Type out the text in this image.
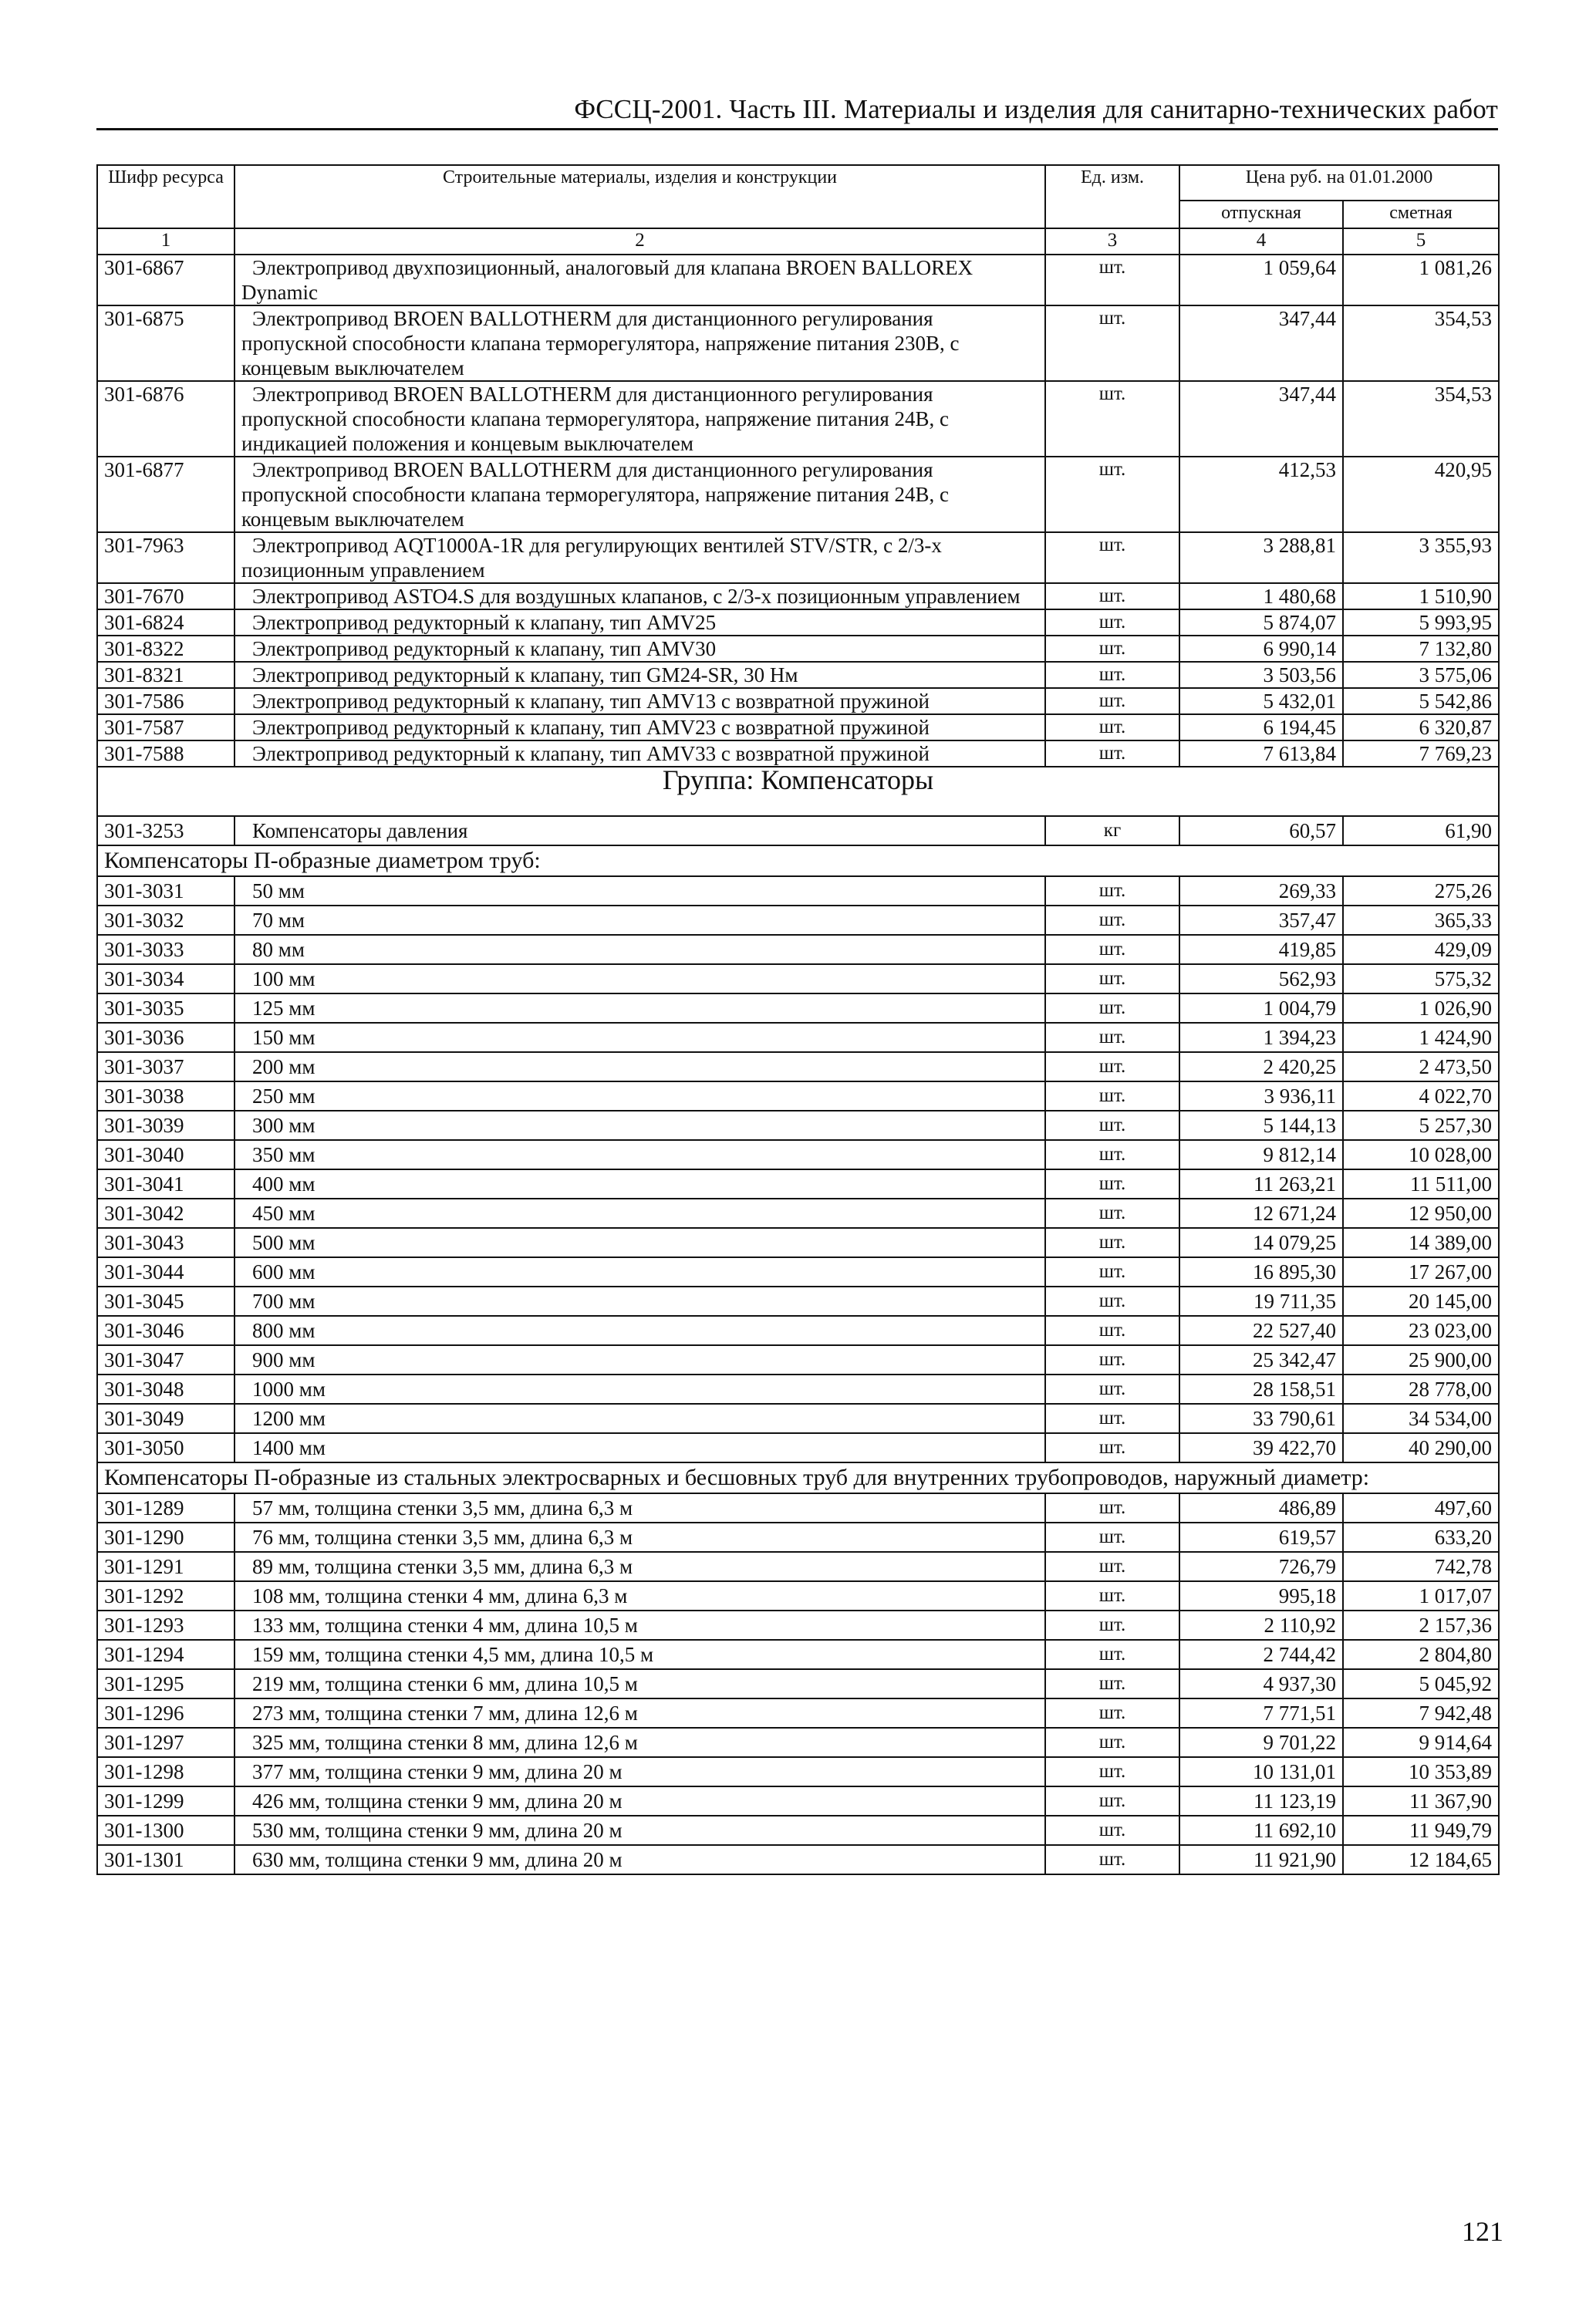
ФССЦ-2001. Часть III. Материалы и изделия для санитарно-технических работ
Шифр ресурса	Строительные материалы, изделия и конструкции	Ед. изм.	Цена руб. на 01.01.2000	
			отпускная	сметная
1	2	3	4	5
301-6867	Электропривод двухпозиционный, аналоговый для клапана BROEN BALLOREX Dynamic	шт.	1 059,64	1 081,26
301-6875	Электропривод BROEN BALLOTHERM для дистанционного регулирования пропускной способности клапана терморегулятора, напряжение питания 230В, с концевым выключателем	шт.	347,44	354,53
301-6876	Электропривод BROEN BALLOTHERM для дистанционного регулирования пропускной способности клапана терморегулятора, напряжение питания 24В, с индикацией положения и концевым выключателем	шт.	347,44	354,53
301-6877	Электропривод BROEN BALLOTHERM для дистанционного регулирования пропускной способности клапана терморегулятора, напряжение питания 24В, с концевым выключателем	шт.	412,53	420,95
301-7963	Электропривод AQT1000A-1R для регулирующих вентилей STV/STR, с 2/3-х позиционным управлением	шт.	3 288,81	3 355,93
301-7670	Электропривод ASTO4.S для воздушных клапанов, с 2/3-х позиционным управлением	шт.	1 480,68	1 510,90
301-6824	Электропривод редукторный к клапану, тип AMV25	шт.	5 874,07	5 993,95
301-8322	Электропривод редукторный к клапану, тип AMV30	шт.	6 990,14	7 132,80
301-8321	Электропривод редукторный к клапану, тип GM24-SR, 30 Нм	шт.	3 503,56	3 575,06
301-7586	Электропривод редукторный к клапану, тип AMV13 с возвратной пружиной	шт.	5 432,01	5 542,86
301-7587	Электропривод редукторный к клапану, тип AMV23 с возвратной пружиной	шт.	6 194,45	6 320,87
301-7588	Электропривод редукторный к клапану, тип AMV33 с возвратной пружиной	шт.	7 613,84	7 769,23
Группа: Компенсаторы				
301-3253	Компенсаторы давления	кг	60,57	61,90
Компенсаторы П-образные диаметром труб:				
301-3031	50 мм	шт.	269,33	275,26
301-3032	70 мм	шт.	357,47	365,33
301-3033	80 мм	шт.	419,85	429,09
301-3034	100 мм	шт.	562,93	575,32
301-3035	125 мм	шт.	1 004,79	1 026,90
301-3036	150 мм	шт.	1 394,23	1 424,90
301-3037	200 мм	шт.	2 420,25	2 473,50
301-3038	250 мм	шт.	3 936,11	4 022,70
301-3039	300 мм	шт.	5 144,13	5 257,30
301-3040	350 мм	шт.	9 812,14	10 028,00
301-3041	400 мм	шт.	11 263,21	11 511,00
301-3042	450 мм	шт.	12 671,24	12 950,00
301-3043	500 мм	шт.	14 079,25	14 389,00
301-3044	600 мм	шт.	16 895,30	17 267,00
301-3045	700 мм	шт.	19 711,35	20 145,00
301-3046	800 мм	шт.	22 527,40	23 023,00
301-3047	900 мм	шт.	25 342,47	25 900,00
301-3048	1000 мм	шт.	28 158,51	28 778,00
301-3049	1200 мм	шт.	33 790,61	34 534,00
301-3050	1400 мм	шт.	39 422,70	40 290,00
Компенсаторы П-образные из стальных электросварных и бесшовных труб для внутренних трубопроводов, наружный диаметр:				
301-1289	57 мм, толщина стенки 3,5 мм, длина 6,3 м	шт.	486,89	497,60
301-1290	76 мм, толщина стенки 3,5 мм, длина 6,3 м	шт.	619,57	633,20
301-1291	89 мм, толщина стенки 3,5 мм, длина 6,3 м	шт.	726,79	742,78
301-1292	108 мм, толщина стенки 4 мм, длина 6,3 м	шт.	995,18	1 017,07
301-1293	133 мм, толщина стенки 4 мм, длина 10,5 м	шт.	2 110,92	2 157,36
301-1294	159 мм, толщина стенки 4,5 мм, длина 10,5 м	шт.	2 744,42	2 804,80
301-1295	219 мм, толщина стенки 6 мм, длина 10,5 м	шт.	4 937,30	5 045,92
301-1296	273 мм, толщина стенки 7 мм, длина 12,6 м	шт.	7 771,51	7 942,48
301-1297	325 мм, толщина стенки 8 мм, длина 12,6 м	шт.	9 701,22	9 914,64
301-1298	377 мм, толщина стенки 9 мм, длина 20 м	шт.	10 131,01	10 353,89
301-1299	426 мм, толщина стенки 9 мм, длина 20 м	шт.	11 123,19	11 367,90
301-1300	530 мм, толщина стенки 9 мм, длина 20 м	шт.	11 692,10	11 949,79
301-1301	630 мм, толщина стенки 9 мм, длина 20 м	шт.	11 921,90	12 184,65
121
